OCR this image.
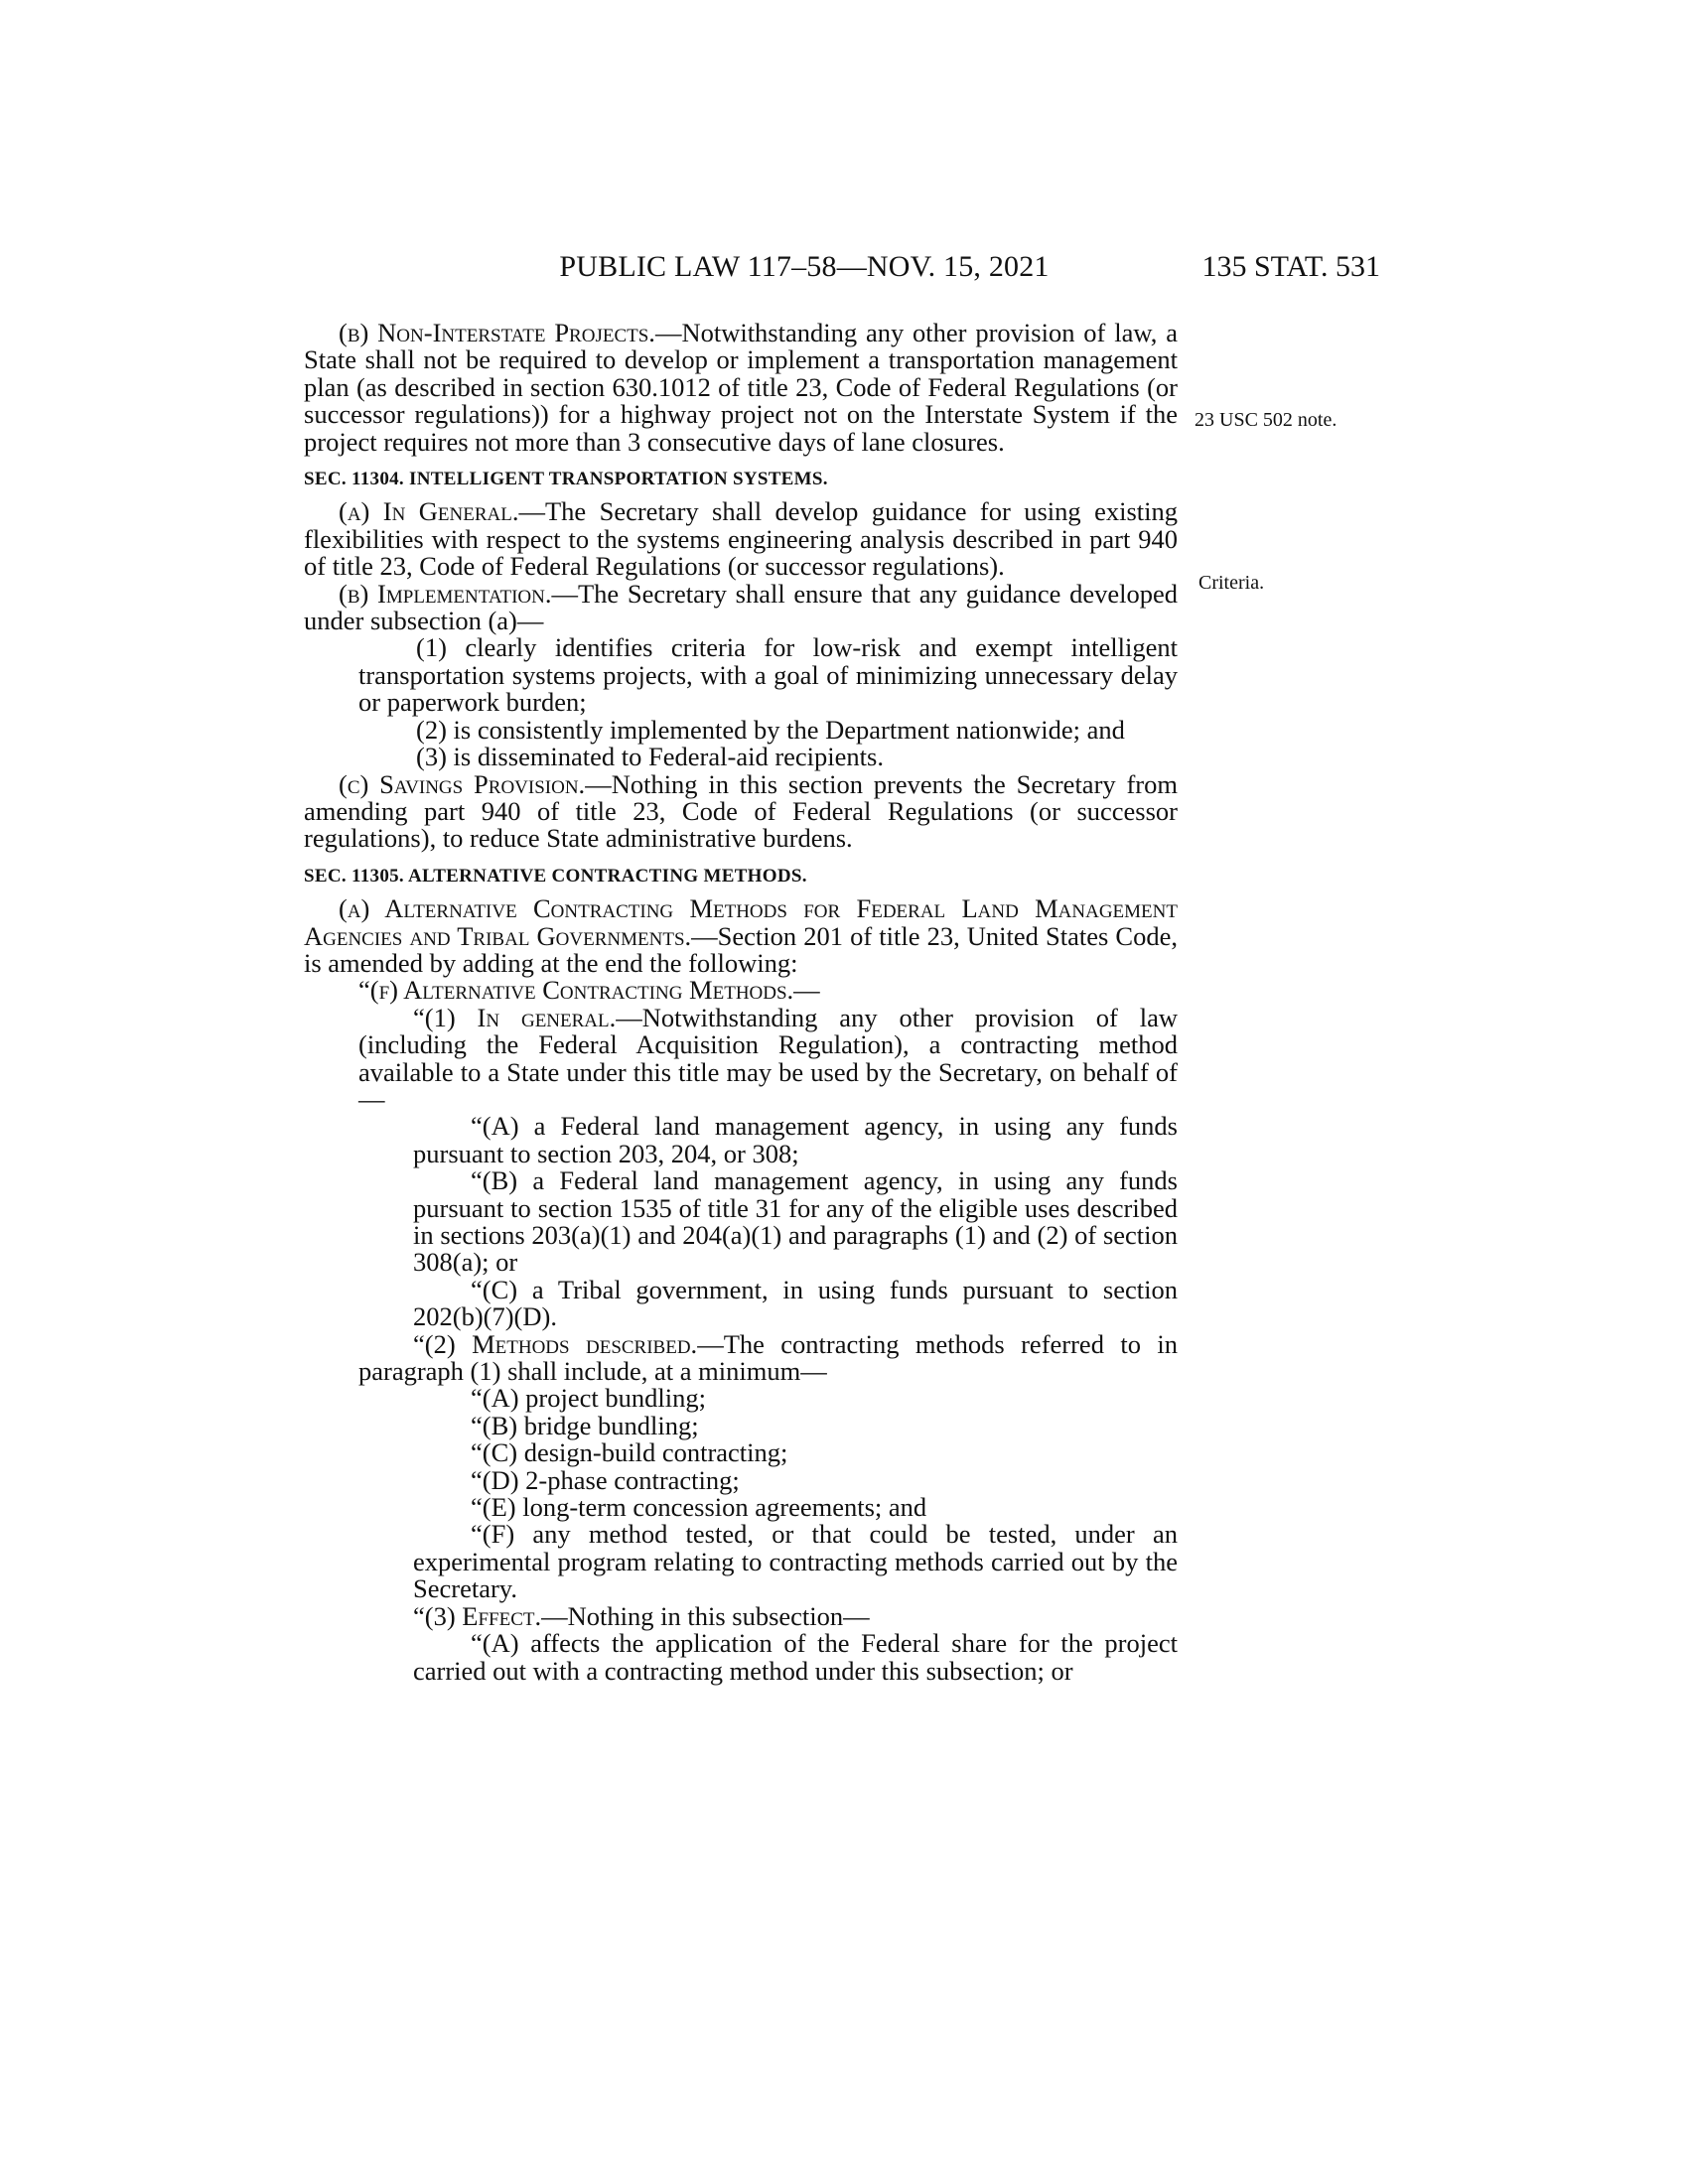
PUBLIC LAW 117–58—NOV. 15, 2021	135 STAT. 531
23 USC 502 note.
Criteria.

(b) Non-Interstate Projects.—Notwithstanding any other provision of law, a State shall not be required to develop or implement a transportation management plan (as described in section 630.1012 of title 23, Code of Federal Regulations (or successor regulations)) for a highway project not on the Interstate System if the project requires not more than 3 consecutive days of lane closures.

SEC. 11304. INTELLIGENT TRANSPORTATION SYSTEMS.

(a) In General.—The Secretary shall develop guidance for using existing flexibilities with respect to the systems engineering analysis described in part 940 of title 23, Code of Federal Regulations (or successor regulations).

(b) Implementation.—The Secretary shall ensure that any guidance developed under subsection (a)—

(1) clearly identifies criteria for low-risk and exempt intelligent transportation systems projects, with a goal of minimizing unnecessary delay or paperwork burden;

(2) is consistently implemented by the Department nationwide; and

(3) is disseminated to Federal-aid recipients.

(c) Savings Provision.—Nothing in this section prevents the Secretary from amending part 940 of title 23, Code of Federal Regulations (or successor regulations), to reduce State administrative burdens.

SEC. 11305. ALTERNATIVE CONTRACTING METHODS.

(a) Alternative Contracting Methods for Federal Land Management Agencies and Tribal Governments.—Section 201 of title 23, United States Code, is amended by adding at the end the following:

“(f) Alternative Contracting Methods.—

“(1) In general.—Notwithstanding any other provision of law (including the Federal Acquisition Regulation), a contracting method available to a State under this title may be used by the Secretary, on behalf of—

“(A) a Federal land management agency, in using any funds pursuant to section 203, 204, or 308;

“(B) a Federal land management agency, in using any funds pursuant to section 1535 of title 31 for any of the eligible uses described in sections 203(a)(1) and 204(a)(1) and paragraphs (1) and (2) of section 308(a); or

“(C) a Tribal government, in using funds pursuant to section 202(b)(7)(D).

“(2) Methods described.—The contracting methods referred to in paragraph (1) shall include, at a minimum—

“(A) project bundling;

“(B) bridge bundling;

“(C) design-build contracting;

“(D) 2-phase contracting;

“(E) long-term concession agreements; and

“(F) any method tested, or that could be tested, under an experimental program relating to contracting methods carried out by the Secretary.

“(3) Effect.—Nothing in this subsection—

“(A) affects the application of the Federal share for the project carried out with a contracting method under this subsection; or
